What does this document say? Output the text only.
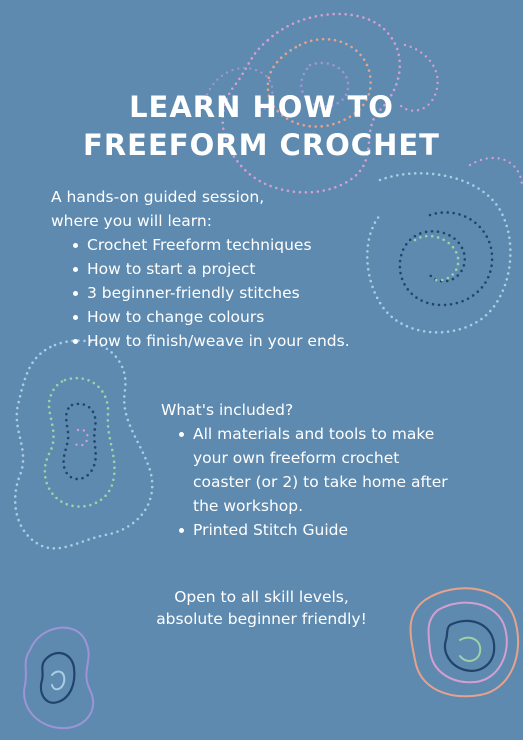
LEARN HOW TO
FREEFORM CROCHET
A hands-on guided session,
where you will learn:
Crochet Freeform techniques
How to start a project
3 beginner-friendly stitches
How to change colours
How to finish/weave in your ends.
What's included?
All materials and tools to make
your own freeform crochet
coaster (or 2) to take home after
the workshop.
Printed Stitch Guide
Open to all skill levels,
absolute beginner friendly!
